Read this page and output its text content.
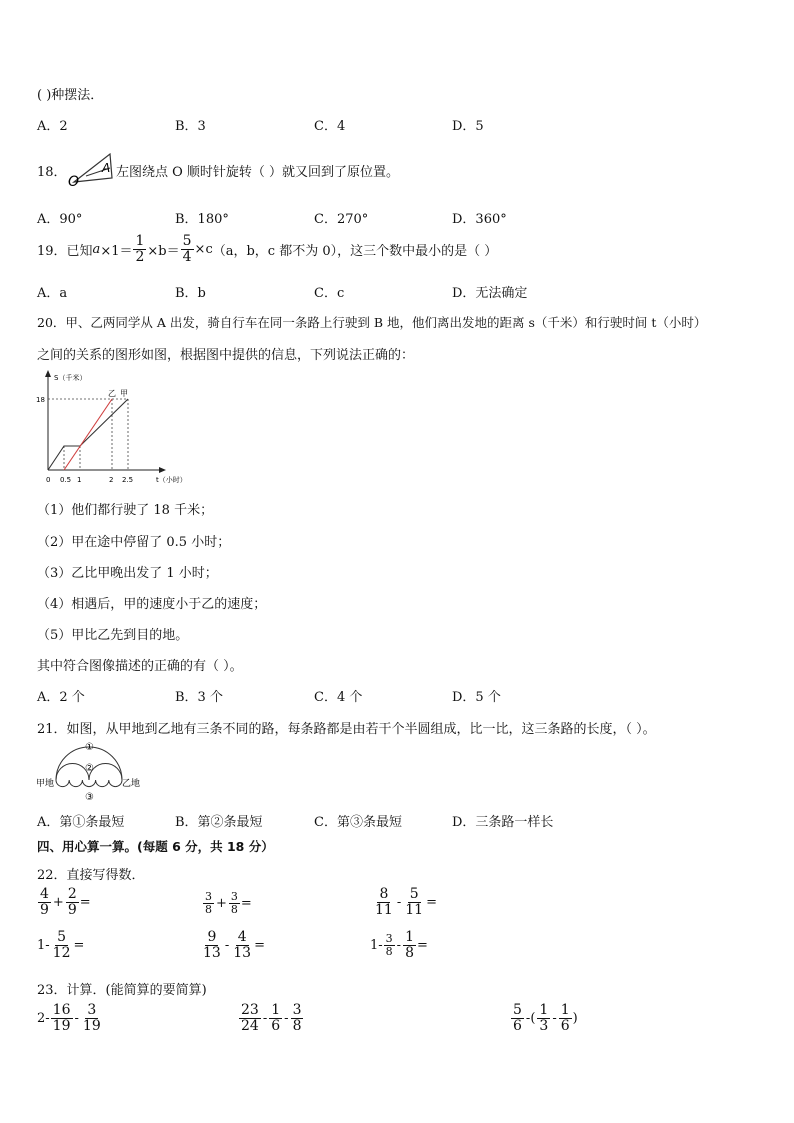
( )种摆法．
A．2	B．3	C．4	D．5
18．
O
A 左图绕点 O 顺时针旋转（ ）就又回到了原位置。
A．90°	B．180°	C．270°	D．360°
19．已知 $a \times 1= \frac{1}{2} \times b= \frac{5}{4} \times c$ （a，b，c 都不为 0），这三个数中最小的是（ ）
A．a	B．b	C．c	D．无法确定
20．甲、乙两同学从 A 出发，骑自行车在同一条路上行驶到 B 地，他们离出发地的距离 s（千米）和行驶时间 t（小时）
之间的关系的图形如图，根据图中提供的信息，下列说法正确的：
S（千米）
t（小时）
18
0 0.5 1	2 2.5
乙 甲
（1）他们都行驶了 18 千米；
（2）甲在途中停留了 0.5 小时；
（3）乙比甲晚出发了 1 小时；
（4）相遇后，甲的速度小于乙的速度；
（5）甲比乙先到目的地。
其中符合图像描述的正确的有（ ）。
A．2 个	B．3 个	C．4 个	D．5 个
21．如图，从甲地到乙地有三条不同的路，每条路都是由若干个半圆组成，比一比，这三条路的长度，（ ）。
甲地	乙地
①
②
③
A．第①条最短	B．第②条最短	C．第③条最短	D．三条路一样长
四、用心算一算。(每题 6 分，共 18 分）
22．直接写得数．
$\frac{4}{9} + \frac{2}{9}$ =	$\frac{3}{8} + \frac{3}{8}$ =	$\frac{8}{11} - \frac{5}{11}$ =
$1- \frac{5}{12}$ =	$\frac{9}{13} - \frac{4}{13}$ =	$1- \frac{3}{8} - \frac{1}{8}$ =
23．计算．(能简算的要简算)
$2- \frac{16}{19} - \frac{3}{19}$	$\frac{23}{24} - \frac{1}{6} - \frac{3}{8}$	$\frac{5}{6}$ -( $\frac{1}{3} - \frac{1}{6}$ )
